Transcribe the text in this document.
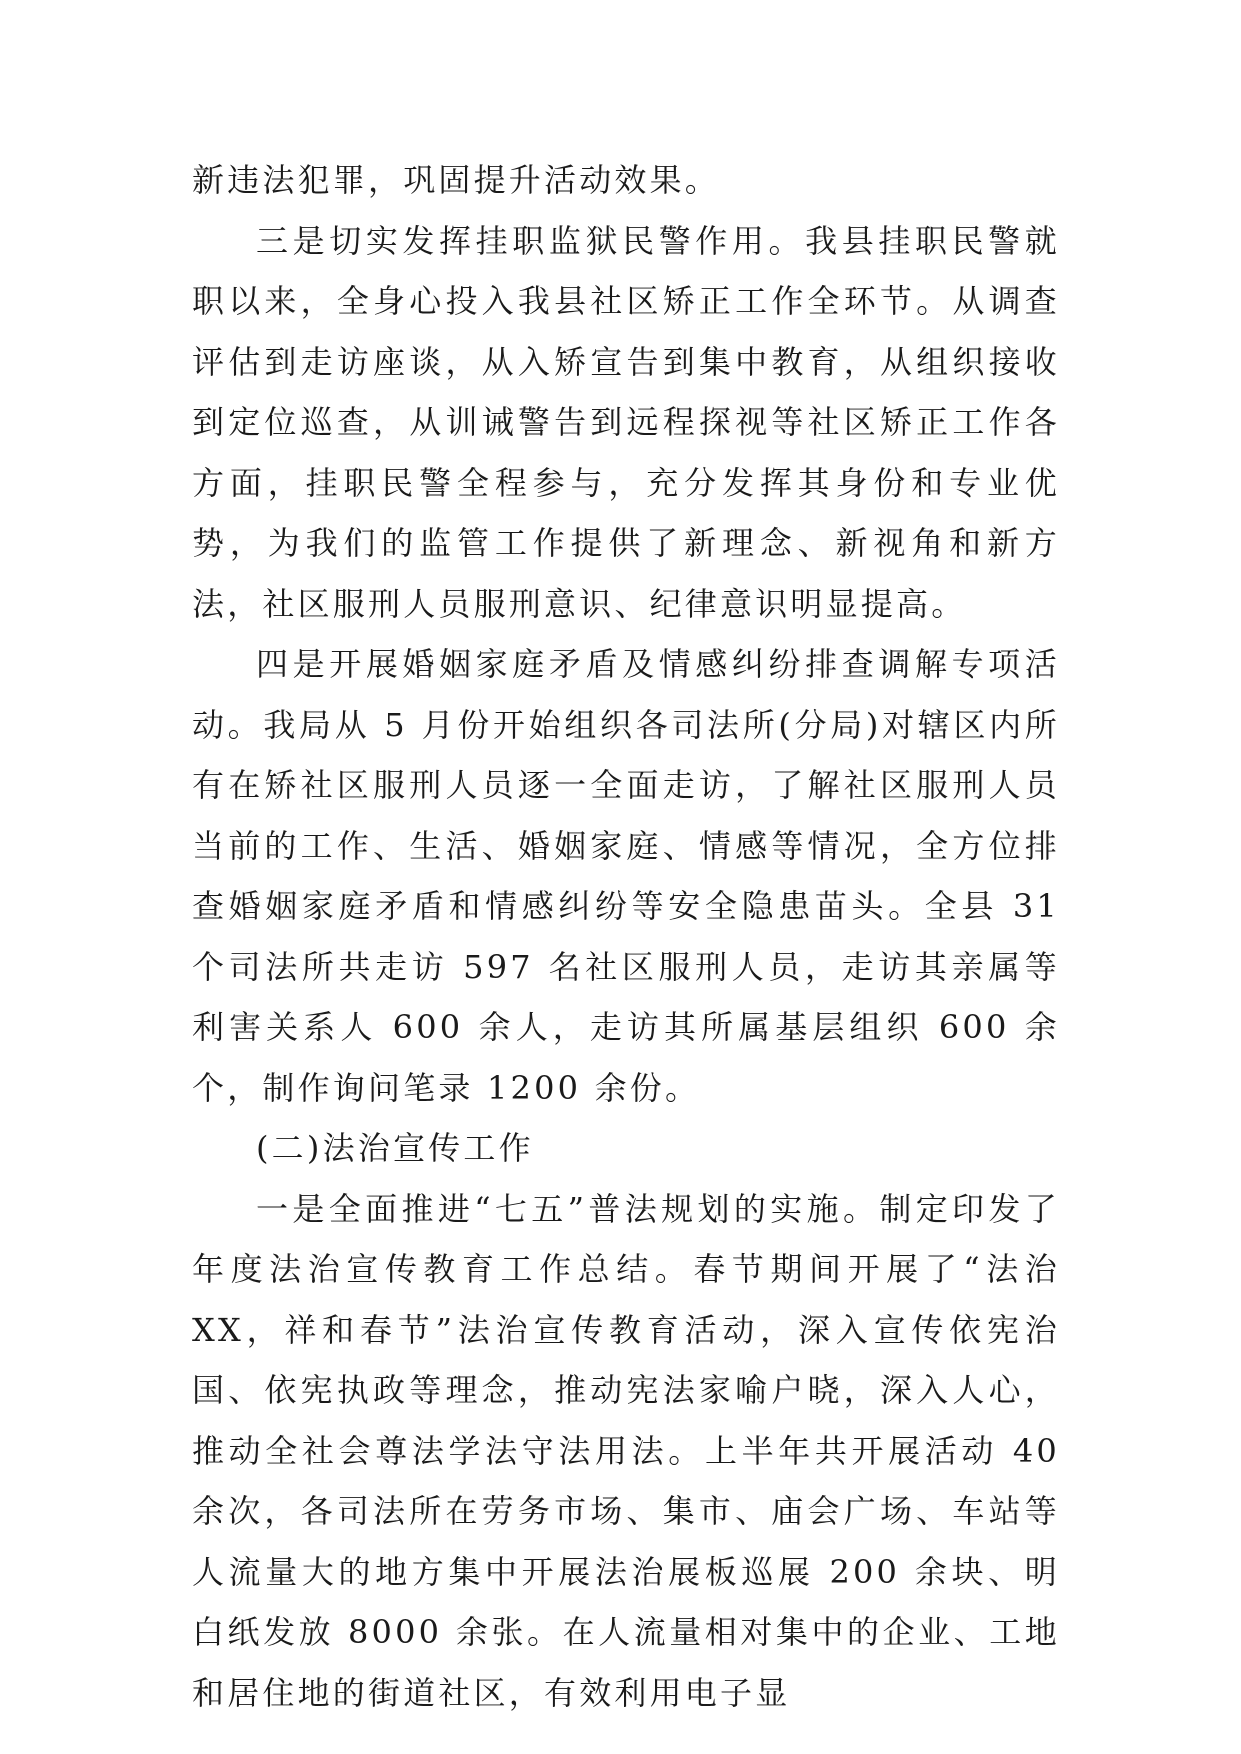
新违法犯罪，巩固提升活动效果。

三是切实发挥挂职监狱民警作用。我县挂职民警就职以来，全身心投入我县社区矫正工作全环节。从调查评估到走访座谈，从入矫宣告到集中教育，从组织接收到定位巡查，从训诫警告到远程探视等社区矫正工作各方面，挂职民警全程参与，充分发挥其身份和专业优势，为我们的监管工作提供了新理念、新视角和新方法，社区服刑人员服刑意识、纪律意识明显提高。

四是开展婚姻家庭矛盾及情感纠纷排查调解专项活动。我局从 5 月份开始组织各司法所(分局)对辖区内所有在矫社区服刑人员逐一全面走访，了解社区服刑人员当前的工作、生活、婚姻家庭、情感等情况，全方位排查婚姻家庭矛盾和情感纠纷等安全隐患苗头。全县 31 个司法所共走访 597 名社区服刑人员，走访其亲属等利害关系人 600 余人，走访其所属基层组织 600 余个，制作询问笔录 1200 余份。

(二)法治宣传工作

一是全面推进“七五”普法规划的实施。制定印发了年度法治宣传教育工作总结。春节期间开展了“法治 XX，祥和春节”法治宣传教育活动，深入宣传依宪治国、依宪执政等理念，推动宪法家喻户晓，深入人心，推动全社会尊法学法守法用法。上半年共开展活动 40 余次，各司法所在劳务市场、集市、庙会广场、车站等人流量大的地方集中开展法治展板巡展 200 余块、明白纸发放 8000 余张。在人流量相对集中的企业、工地和居住地的街道社区，有效利用电子显
